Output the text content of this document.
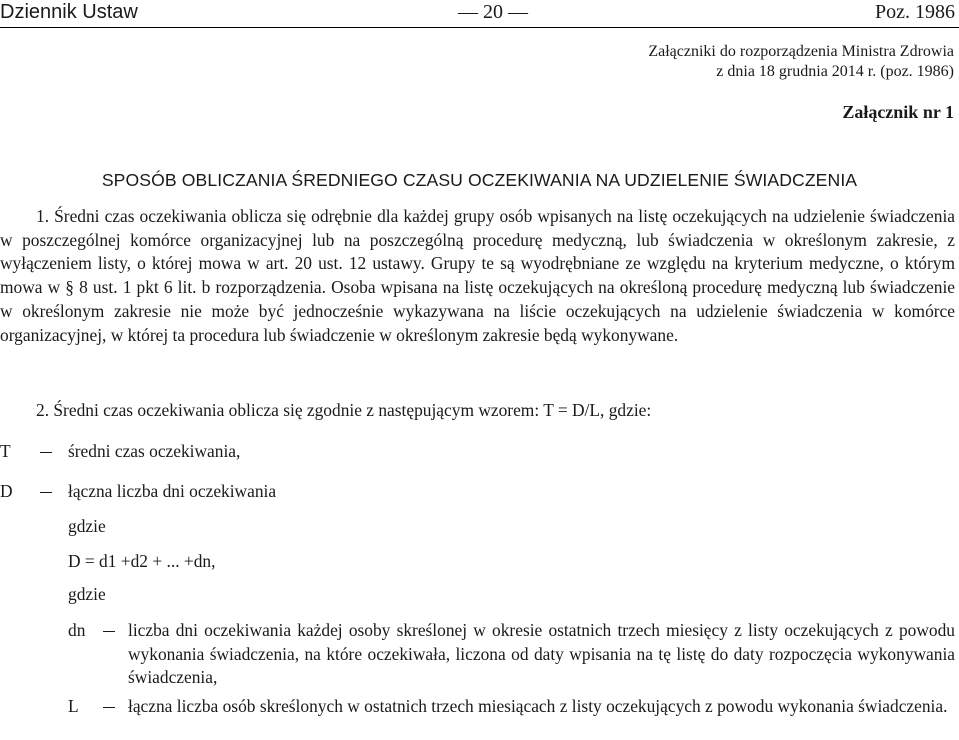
Dziennik Ustaw	— 20 —	Poz. 1986
Załączniki do rozporządzenia Ministra Zdrowia
z dnia 18 grudnia 2014 r. (poz. 1986)
Załącznik nr 1
SPOSÓB OBLICZANIA ŚREDNIEGO CZASU OCZEKIWANIA NA UDZIELENIE ŚWIADCZENIA

1. Średni czas oczekiwania oblicza się odrębnie dla każdej grupy osób wpisanych na listę oczekujących na udzielenie świadczenia w poszczególnej komórce organizacyjnej lub na poszczególną procedurę medyczną, lub świadczenia w określonym zakresie, z wyłączeniem listy, o której mowa w art. 20 ust. 12 ustawy. Grupy te są wyodrębniane ze względu na kryterium medyczne, o którym mowa w § 8 ust. 1 pkt 6 lit. b rozporządzenia. Osoba wpisana na listę oczekujących na określoną procedurę medyczną lub świadczenie w określonym zakresie nie może być jednocześnie wykazywana na liście oczekujących na udzielenie świadczenia w komórce organizacyjnej, w której ta procedura lub świadczenie w określonym zakresie będą wykonywane.

2. Średni czas oczekiwania oblicza się zgodnie z następującym wzorem: T = D/L, gdzie:

T	średni czas oczekiwania,
D	łączna liczba dni oczekiwania
gdzie
D = d1 +d2 + ... +dn,
gdzie
dn liczba dni oczekiwania każdej osoby skreślonej w okresie ostatnich trzech miesięcy z listy oczekujących z powodu wykonania świadczenia, na które oczekiwała, liczona od daty wpisania na tę listę do daty rozpoczęcia wykonywania świadczenia,

L	łączna liczba osób skreślonych w ostatnich trzech miesiącach z listy oczekujących z powodu wykonania świadczenia.
